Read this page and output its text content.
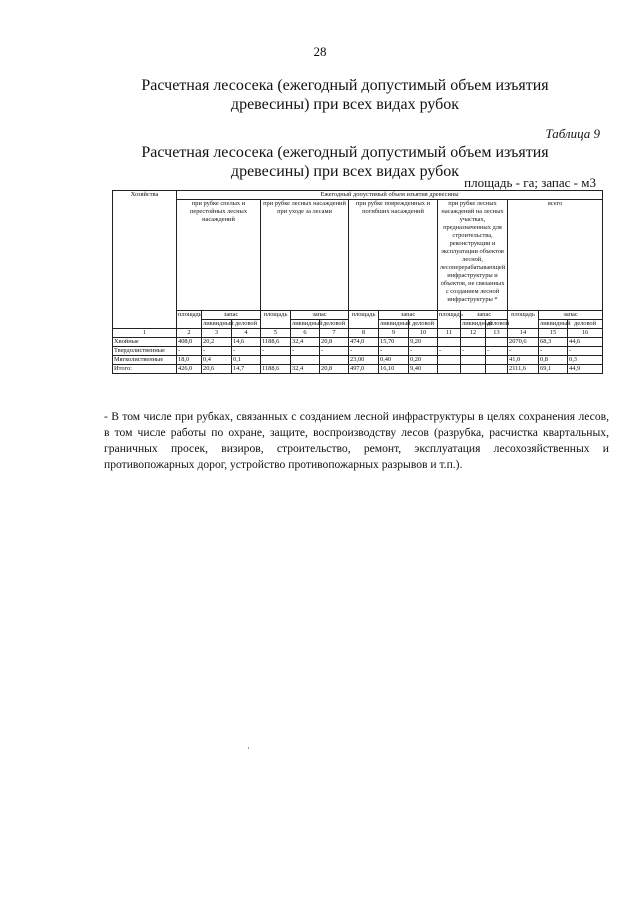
28
Расчетная лесосека (ежегодный допустимый объем изъятия древесины) при всех видах рубок
Таблица 9
Расчетная лесосека (ежегодный допустимый объем изъятия древесины) при всех видах рубок
площадь - га; запас - м3
Хозяйства	Ежегодный допустимый объем изъятия древесины														
	при рубке спелых и перестойных лесных насаждений			при рубке лесных насаждений при уходе за лесами			при рубке поврежденных и погибших насаждений			при рубке лесных насаждений на лесных участках, предназначенных для строительства, реконструкции и эксплуатации объектов лесной, лесоперерабатывающей инфраструктуры и объектов, не связанных с созданием лесной инфраструктуры *			всего		
	площадь	запас		площадь	запас		площадь	запас		площадь	запас		площадь	запас	
		ликвидный	деловой		ликвидный	деловой		ликвидный	деловой		ликвидный	деловой		ликвидный	деловой
1	2	3	4	5	6	7	8	9	10	11	12	13	14	15	16
Хвойные	408,0	20,2	14,6	1188,6	32,4	20,8	474,0	15,70	9,20				2070,6	68,3	44,6
Твердолиственные	-	-	-	-	-	-	-	-	-	-	-	-	-	-	-
Мягколиственные	18,0	0,4	0,1				23,00	0,40	0,20				41,0	0,8	0,3
Итого:	426,0	20,6	14,7	1188,6	32,4	20,8	497,0	16,10	9,40				2111,6	69,1	44,9
- В том числе при рубках, связанных с созданием лесной инфраструктуры в целях сохранения лесов, в том числе работы по охране, защите, воспроизводству лесов (разрубка, расчистка квартальных, граничных просек, визиров, строительство, ремонт, эксплуатация лесохозяйственных и противопожарных дорог, устройство противопожарных разрывов и т.п.).
